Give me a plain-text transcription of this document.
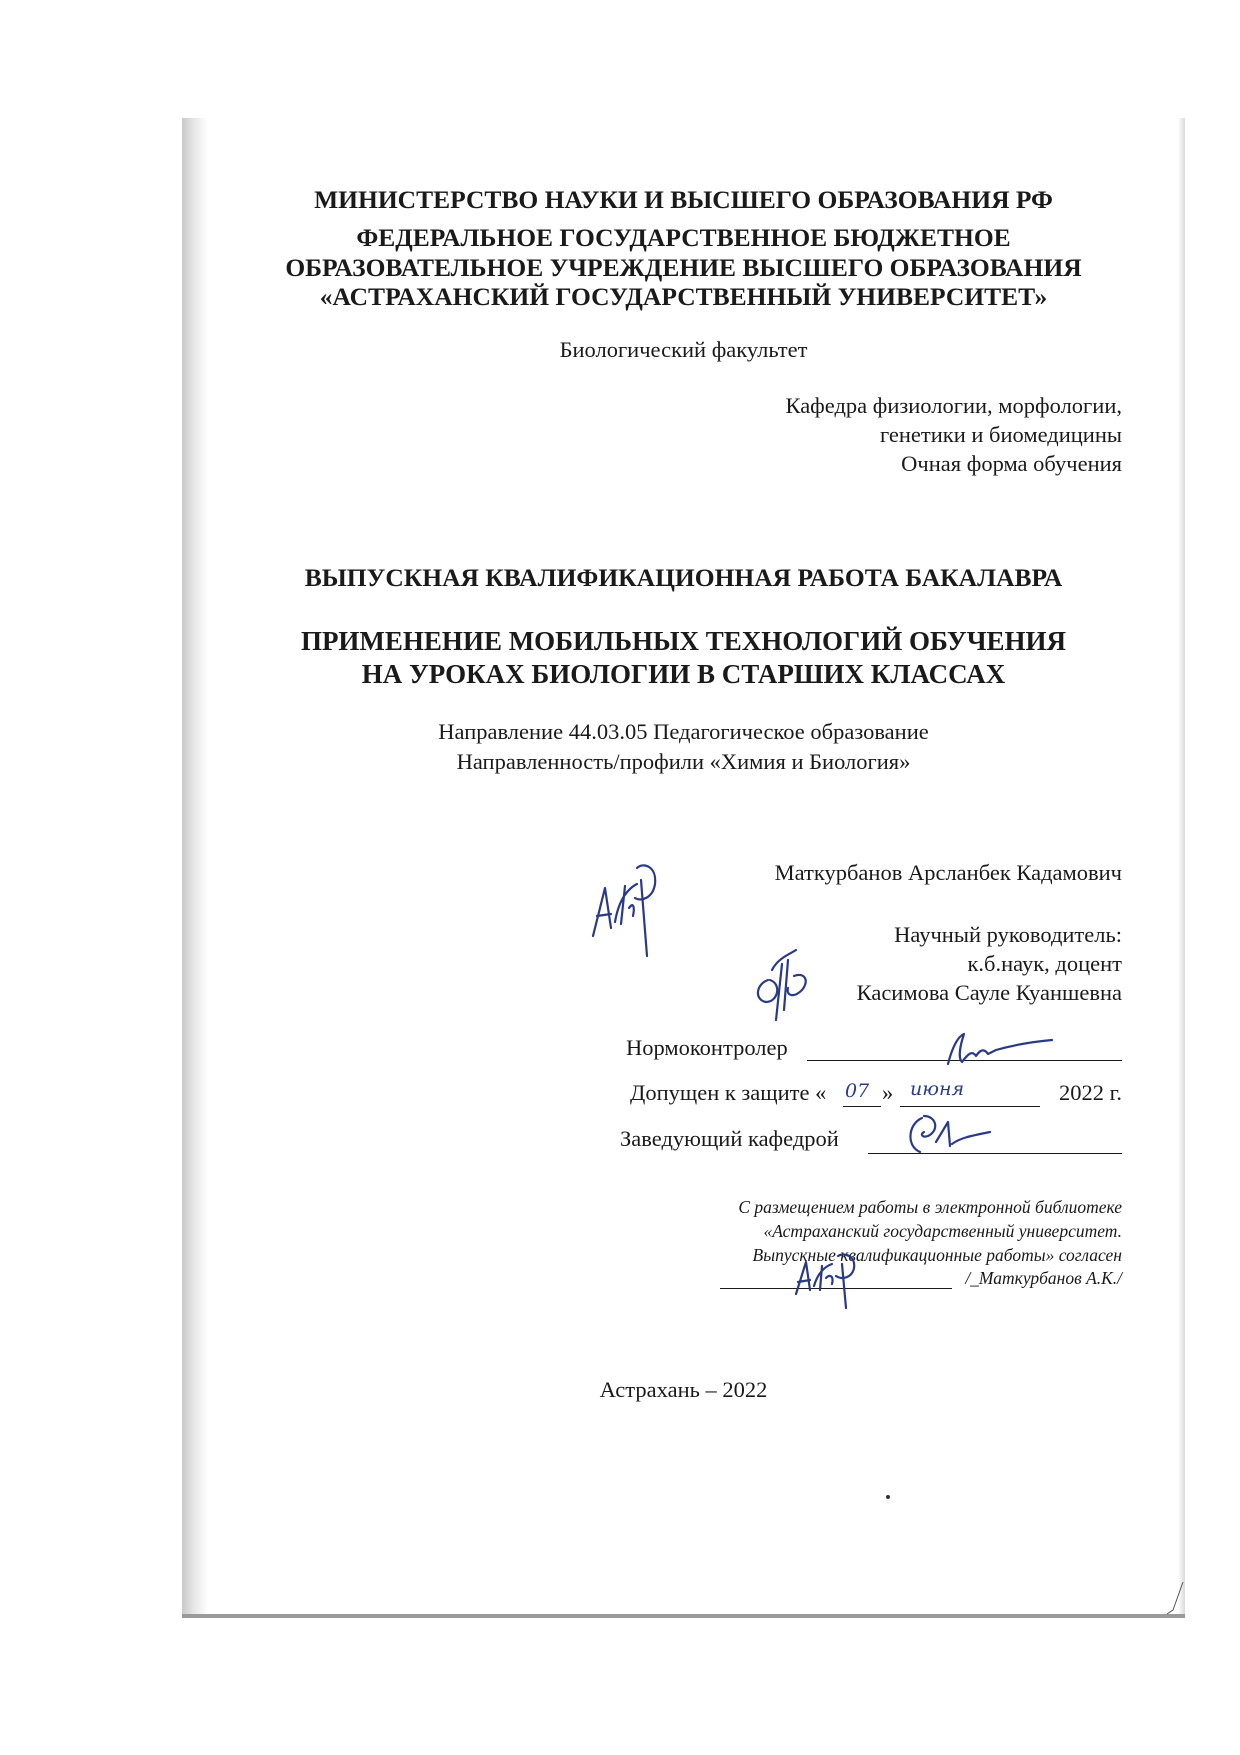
МИНИСТЕРСТВО НАУКИ И ВЫСШЕГО ОБРАЗОВАНИЯ РФ
ФЕДЕРАЛЬНОЕ ГОСУДАРСТВЕННОЕ БЮДЖЕТНОЕ
ОБРАЗОВАТЕЛЬНОЕ УЧРЕЖДЕНИЕ ВЫСШЕГО ОБРАЗОВАНИЯ
«АСТРАХАНСКИЙ ГОСУДАРСТВЕННЫЙ УНИВЕРСИТЕТ»
Биологический факультет
Кафедра физиологии, морфологии,
генетики и биомедицины
Очная форма обучения
ВЫПУСКНАЯ КВАЛИФИКАЦИОННАЯ РАБОТА БАКАЛАВРА
ПРИМЕНЕНИЕ МОБИЛЬНЫХ ТЕХНОЛОГИЙ ОБУЧЕНИЯ
НА УРОКАХ БИОЛОГИИ В СТАРШИХ КЛАССАХ
Направление 44.03.05 Педагогическое образование
Направленность/профили «Химия и Биология»
Маткурбанов Арсланбек Кадамович
Научный руководитель:
к.б.наук, доцент
Касимова Сауле Куаншевна
Нормоконтролер
Допущен к защите « 07 » июня	2022 г.
Заведующий кафедрой
С размещением работы в электронной библиотеке
«Астраханский государственный университет.
Выпускные квалификационные работы» согласен
/_Маткурбанов А.К./
Астрахань – 2022
